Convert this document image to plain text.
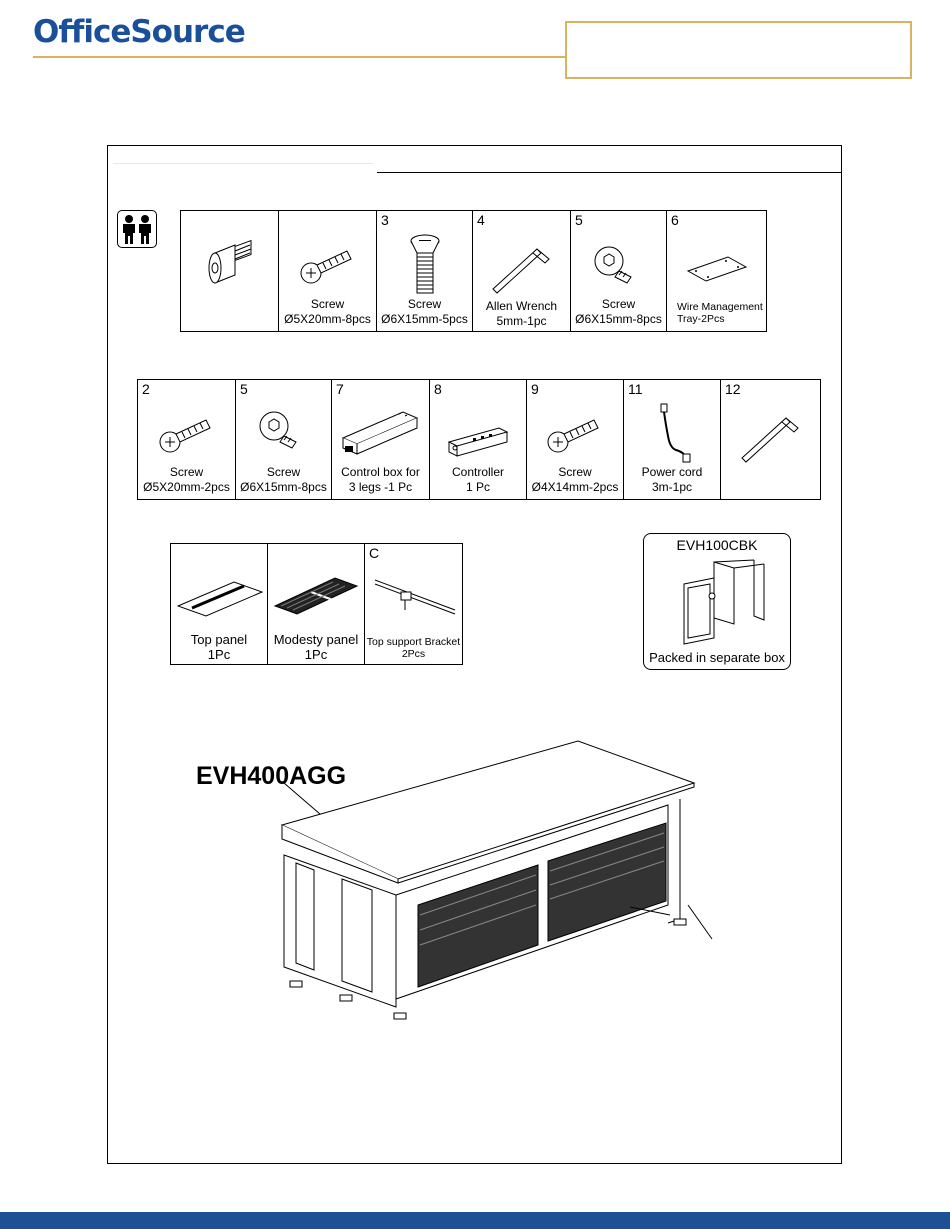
OfficeSource
Screw
Ø5X20mm-8pcs
3
Screw
Ø6X15mm-5pcs
4
Allen Wrench
5mm-1pc
5
Screw
Ø6X15mm-8pcs
6
Wire Management
Tray-2Pcs
2
Screw
Ø5X20mm-2pcs
5
Screw
Ø6X15mm-8pcs
7
Control box for
3 legs -1 Pc
8
Controller
1 Pc
9
Screw
Ø4X14mm-2pcs
11
Power cord
3m-1pc
12
Top panel
1Pc
Modesty panel
1Pc
C
Top support Bracket
2Pcs
EVH100CBK
Packed in separate box
EVH400AGG
